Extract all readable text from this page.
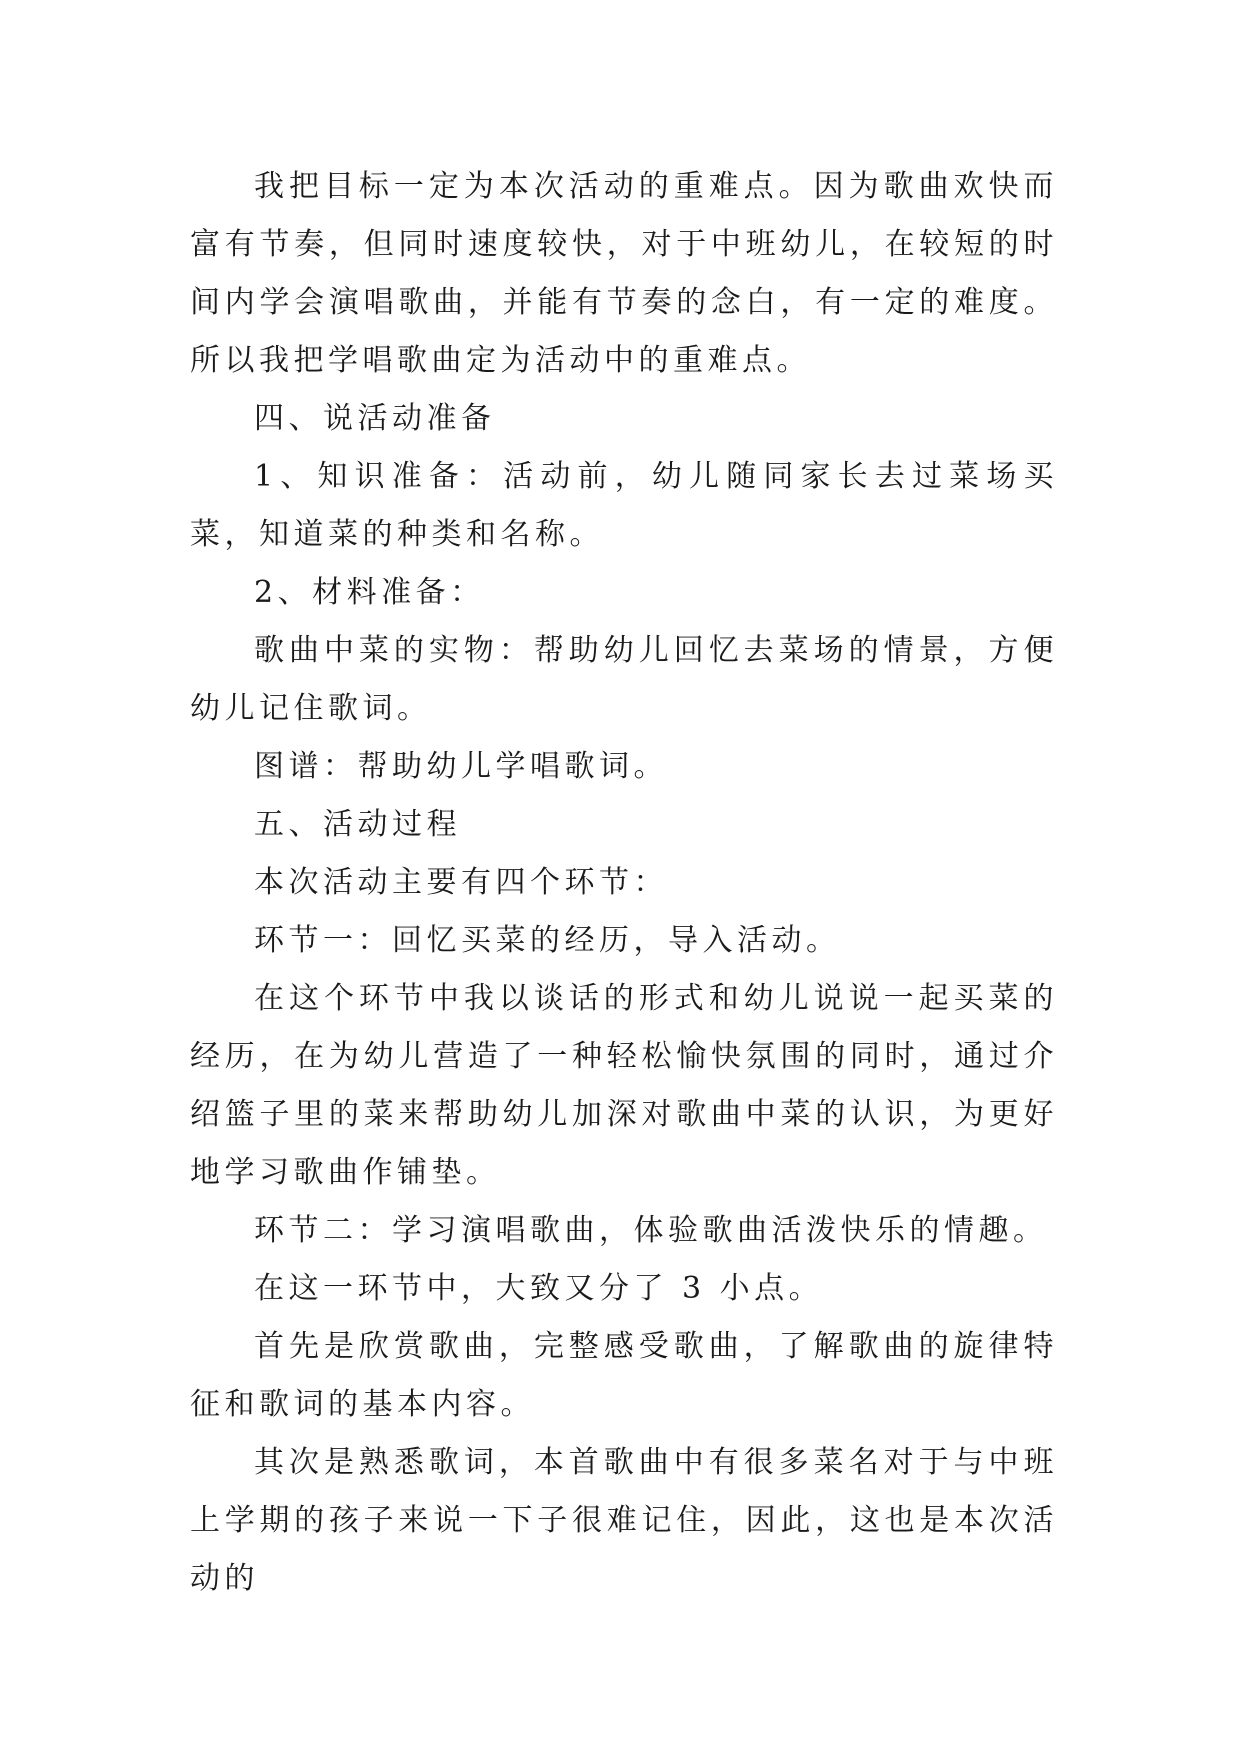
我把目标一定为本次活动的重难点。因为歌曲欢快而富有节奏，但同时速度较快，对于中班幼儿，在较短的时间内学会演唱歌曲，并能有节奏的念白，有一定的难度。所以我把学唱歌曲定为活动中的重难点。

四、说活动准备

1、知识准备：活动前，幼儿随同家长去过菜场买菜，知道菜的种类和名称。

2、材料准备：

歌曲中菜的实物：帮助幼儿回忆去菜场的情景，方便幼儿记住歌词。

图谱：帮助幼儿学唱歌词。

五、活动过程

本次活动主要有四个环节：

环节一：回忆买菜的经历，导入活动。

在这个环节中我以谈话的形式和幼儿说说一起买菜的经历，在为幼儿营造了一种轻松愉快氛围的同时，通过介绍篮子里的菜来帮助幼儿加深对歌曲中菜的认识，为更好地学习歌曲作铺垫。

环节二：学习演唱歌曲，体验歌曲活泼快乐的情趣。

在这一环节中，大致又分了 3 小点。

首先是欣赏歌曲，完整感受歌曲，了解歌曲的旋律特征和歌词的基本内容。

其次是熟悉歌词，本首歌曲中有很多菜名对于与中班上学期的孩子来说一下子很难记住，因此，这也是本次活动的
